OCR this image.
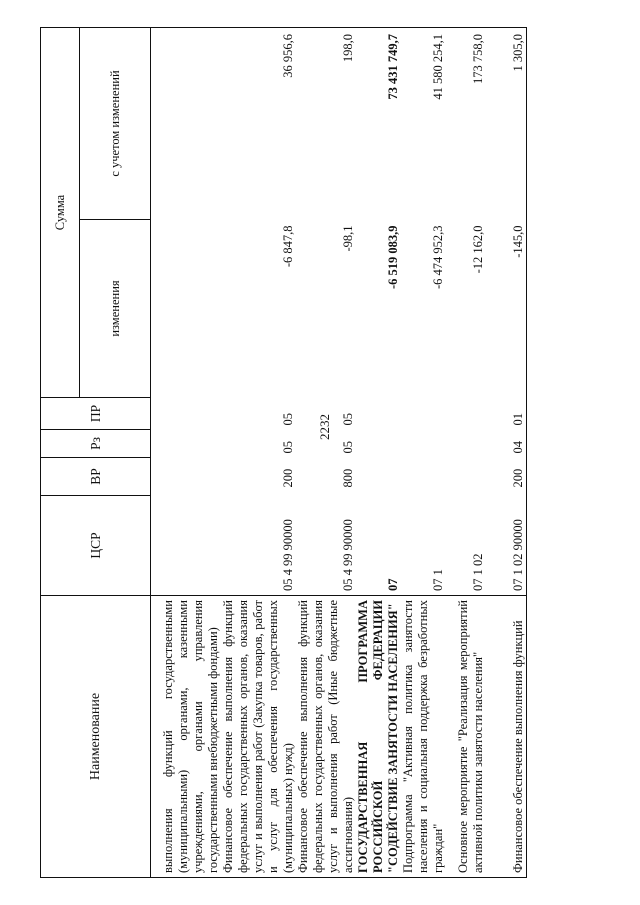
2232
Наименование	ЦСР	ВР	Рз	ПР	Сумма	
					изменения	с учетом изменений
выполнения функций государственными (муниципальными) органами, казенными учреждениями, органами управления государственными внебюджетными фондами)						
Финансовое обеспечение выполнения функций федеральных государственных органов, оказания услуг и выполнения работ (Закупка товаров, работ и услуг для обеспечения государственных (муниципальных) нужд)	05 4 99 90000	200	05	05	-6 847,8	36 956,6
Финансовое обеспечение выполнения функций федеральных государственных органов, оказания услуг и выполнения работ (Иные бюджетные ассигнования)	05 4 99 90000	800	05	05	-98,1	198,0
ГОСУДАРСТВЕННАЯ ПРОГРАММА РОССИЙСКОЙ ФЕДЕРАЦИИ "СОДЕЙСТВИЕ ЗАНЯТОСТИ НАСЕЛЕНИЯ"	07				-6 519 083,9	73 431 749,7
Подпрограмма "Активная политика занятости населения и социальная поддержка безработных граждан"	07 1				-6 474 952,3	41 580 254,1
Основное мероприятие "Реализация мероприятий активной политики занятости населения"	07 1 02				-12 162,0	173 758,0
Финансовое обеспечение выполнения функций	07 1 02 90000	200	04	01	-145,0	1 305,0
